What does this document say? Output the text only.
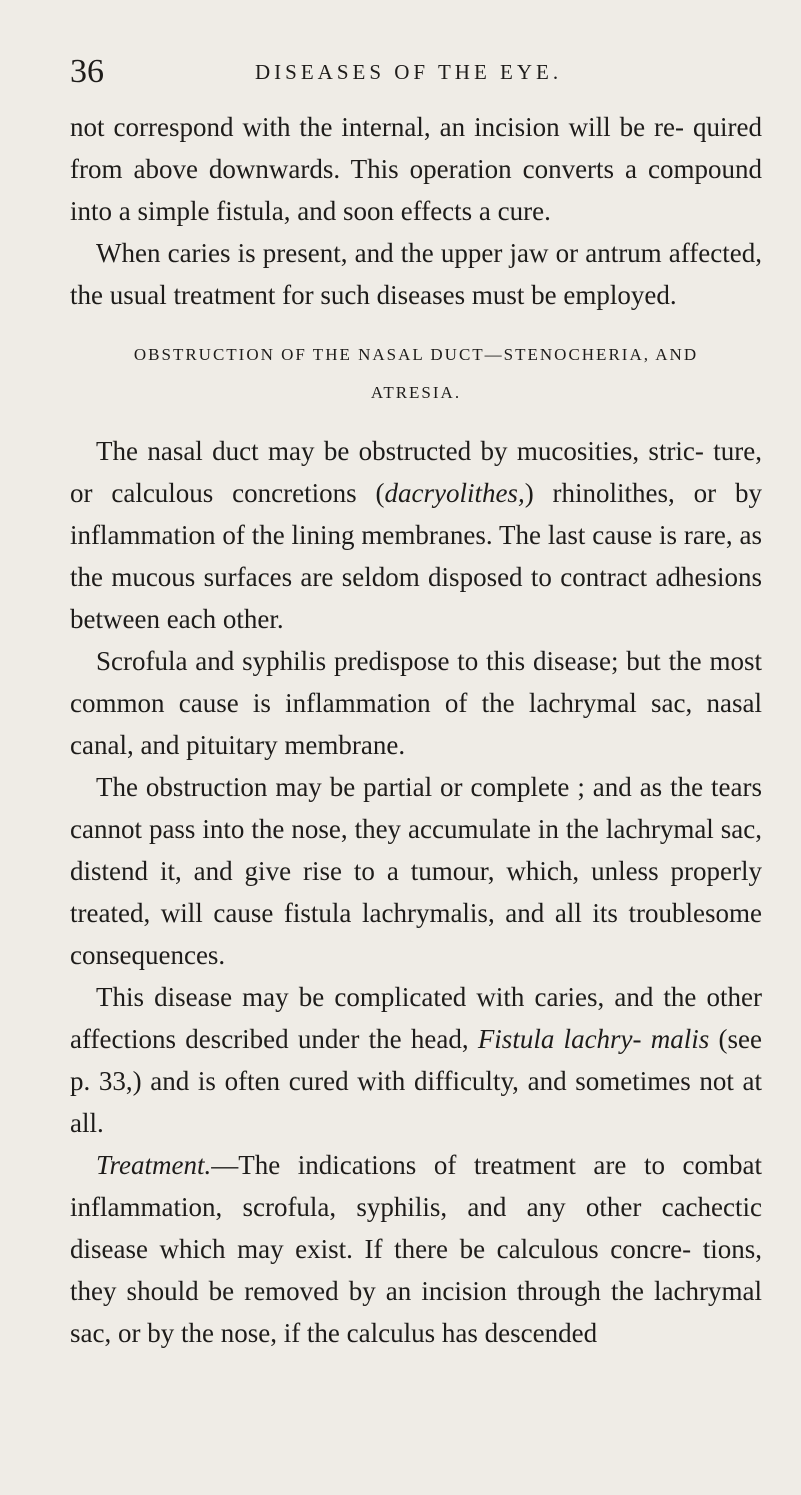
36	DISEASES OF THE EYE.

not correspond with the internal, an incision will be re- quired from above downwards. This operation converts a compound into a simple fistula, and soon effects a cure.

When caries is present, and the upper jaw or antrum affected, the usual treatment for such diseases must be employed.

OBSTRUCTION OF THE NASAL DUCT—STENOCHERIA, AND
ATRESIA.

The nasal duct may be obstructed by mucosities, stric- ture, or calculous concretions (dacryolithes,) rhinolithes, or by inflammation of the lining membranes. The last cause is rare, as the mucous surfaces are seldom disposed to contract adhesions between each other.

Scrofula and syphilis predispose to this disease; but the most common cause is inflammation of the lachrymal sac, nasal canal, and pituitary membrane.

The obstruction may be partial or complete ; and as the tears cannot pass into the nose, they accumulate in the lachrymal sac, distend it, and give rise to a tumour, which, unless properly treated, will cause fistula lachrymalis, and all its troublesome consequences.

This disease may be complicated with caries, and the other affections described under the head, Fistula lachry- malis (see p. 33,) and is often cured with difficulty, and sometimes not at all.

Treatment.—The indications of treatment are to combat inflammation, scrofula, syphilis, and any other cachectic disease which may exist. If there be calculous concre- tions, they should be removed by an incision through the lachrymal sac, or by the nose, if the calculus has descended
